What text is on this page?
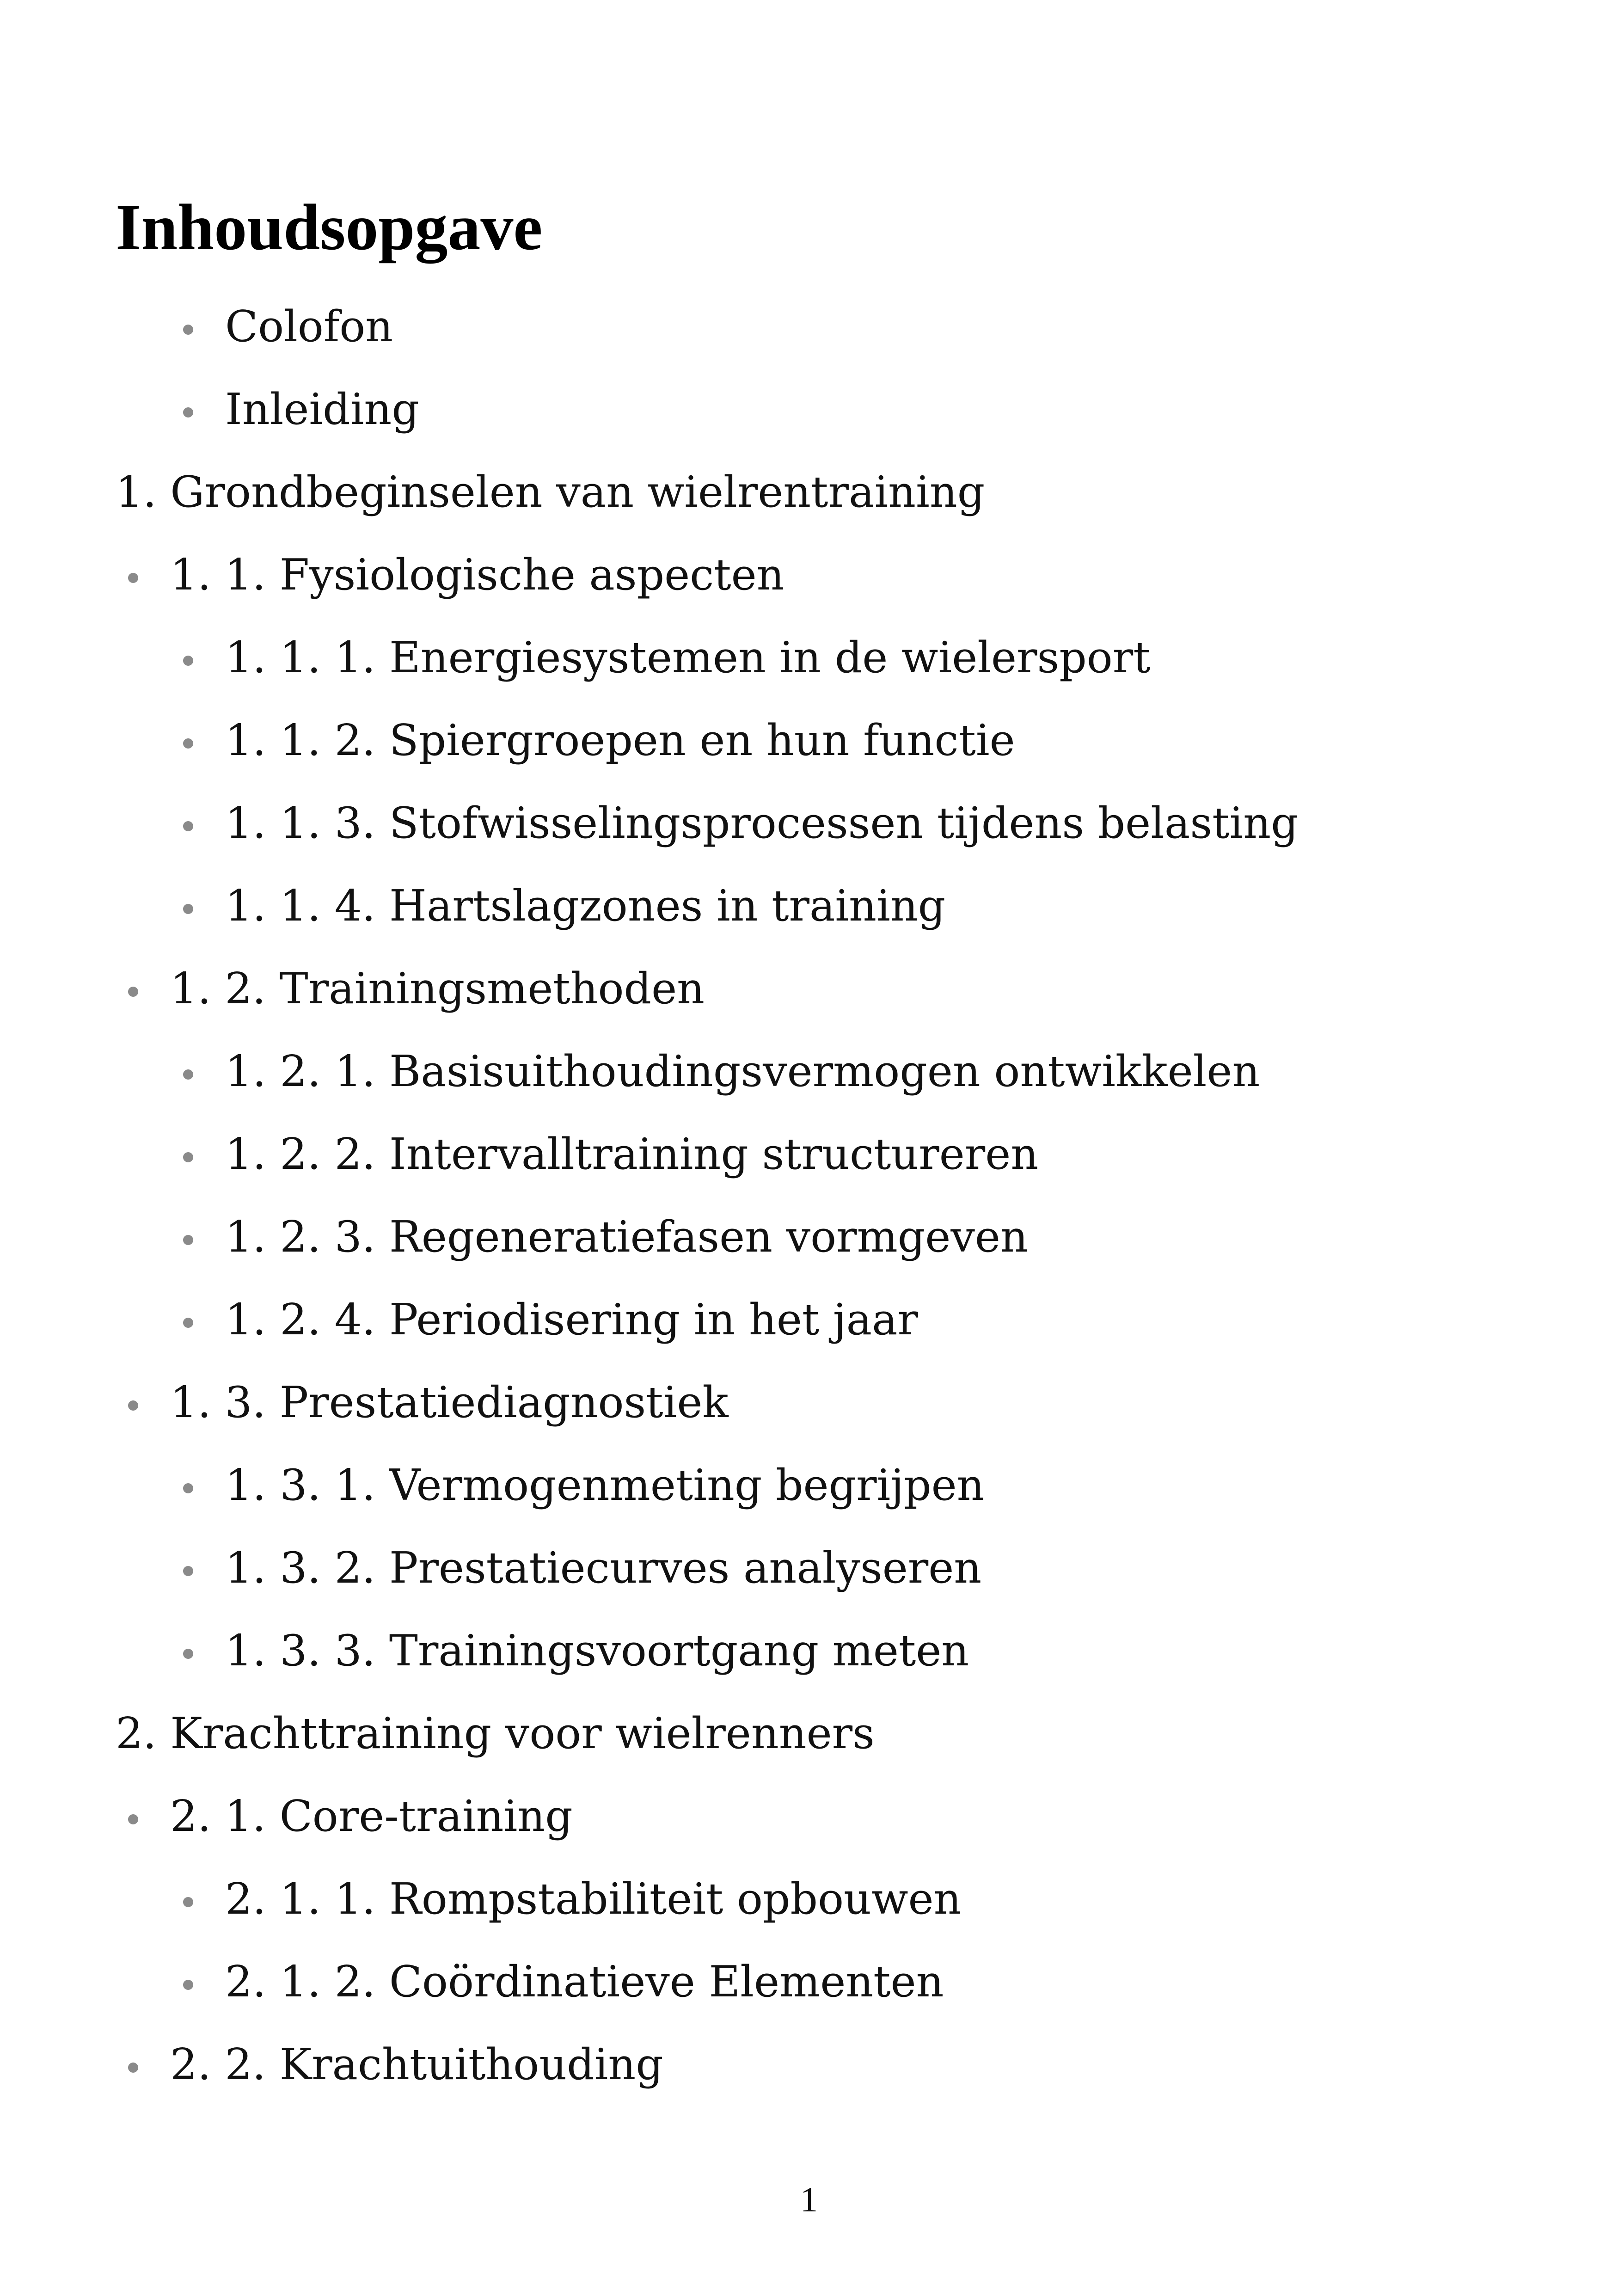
Inhoudsopgave
Colofon
Inleiding
1. Grondbeginselen van wielrentraining
1. 1. Fysiologische aspecten
1. 1. 1. Energiesystemen in de wielersport
1. 1. 2. Spiergroepen en hun functie
1. 1. 3. Stofwisselingsprocessen tijdens belasting
1. 1. 4. Hartslagzones in training
1. 2. Trainingsmethoden
1. 2. 1. Basisuithoudingsvermogen ontwikkelen
1. 2. 2. Intervalltraining structureren
1. 2. 3. Regeneratiefasen vormgeven
1. 2. 4. Periodisering in het jaar
1. 3. Prestatiediagnostiek
1. 3. 1. Vermogenmeting begrijpen
1. 3. 2. Prestatiecurves analyseren
1. 3. 3. Trainingsvoortgang meten
2. Krachttraining voor wielrenners
2. 1. Core-training
2. 1. 1. Rompstabiliteit opbouwen
2. 1. 2. Coördinatieve Elementen
2. 2. Krachtuithouding
1
